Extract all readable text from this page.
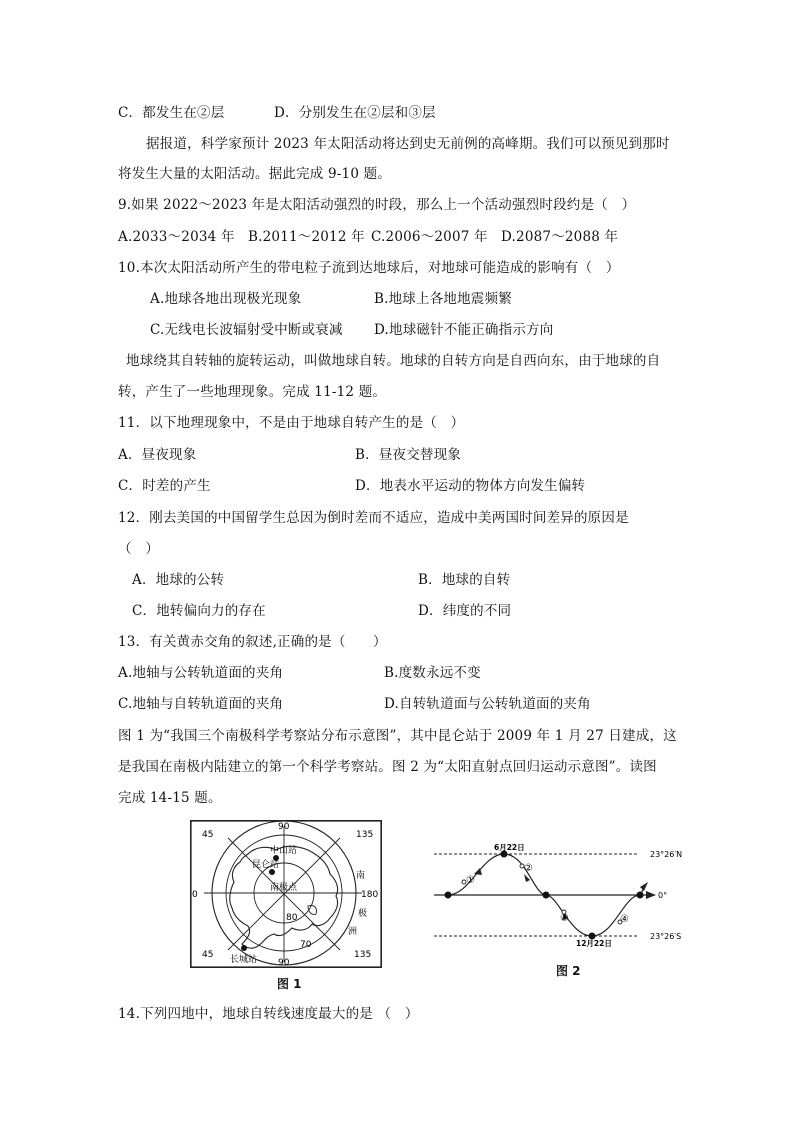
C．都发生在②层	D．分别发生在②层和③层
据报道，科学家预计 2023 年太阳活动将达到史无前例的高峰期。我们可以预见到那时
将发生大量的太阳活动。据此完成 9-10 题。
9.如果 2022～2023 年是太阳活动强烈的时段，那么上一个活动强烈时段约是（　）
A.2033～2034 年 B.2011～2012 年 C.2006～2007 年 D.2087～2088 年
10.本次太阳活动所产生的带电粒子流到达地球后，对地球可能造成的影响有（　）
A.地球各地出现极光现象	B.地球上各地地震频繁
C.无线电长波辐射受中断或衰减 D.地球磁针不能正确指示方向
地球绕其自转轴的旋转运动，叫做地球自转。地球的自转方向是自西向东，由于地球的自
转，产生了一些地理现象。完成 11-12 题。
11．以下地理现象中，不是由于地球自转产生的是（　）
A．昼夜现象	B．昼夜交替现象
C．时差的产生	D．地表水平运动的物体方向发生偏转
12．刚去美国的中国留学生总因为倒时差而不适应，造成中美两国时间差异的原因是
（　）
A．地球的公转	B．地球的自转
C．地转偏向力的存在	D．纬度的不同
13．有关黄赤交角的叙述,正确的是（　　）
A.地轴与公转轨道面的夹角	B.度数永远不变
C.地轴与自转轨道面的夹角	D.自转轨道面与公转轨道面的夹角
图 1 为“我国三个南极科学考察站分布示意图”，其中昆仑站于 2009 年 1 月 27 日建成，这
是我国在南极内陆建立的第一个科学考察站。图 2 为“太阳直射点回归运动示意图”。读图
完成 14-15 题。
14.下列四地中，地球自转线速度最大的是 （　）
45
90
135
0	180
45
90
135
80
70
中山站
昆仑站
长城站
南极点
南
极
洲
图 1
6月22日
12月22日
23°26′N
0°
23°26′S
①
②
③	④
图 2
